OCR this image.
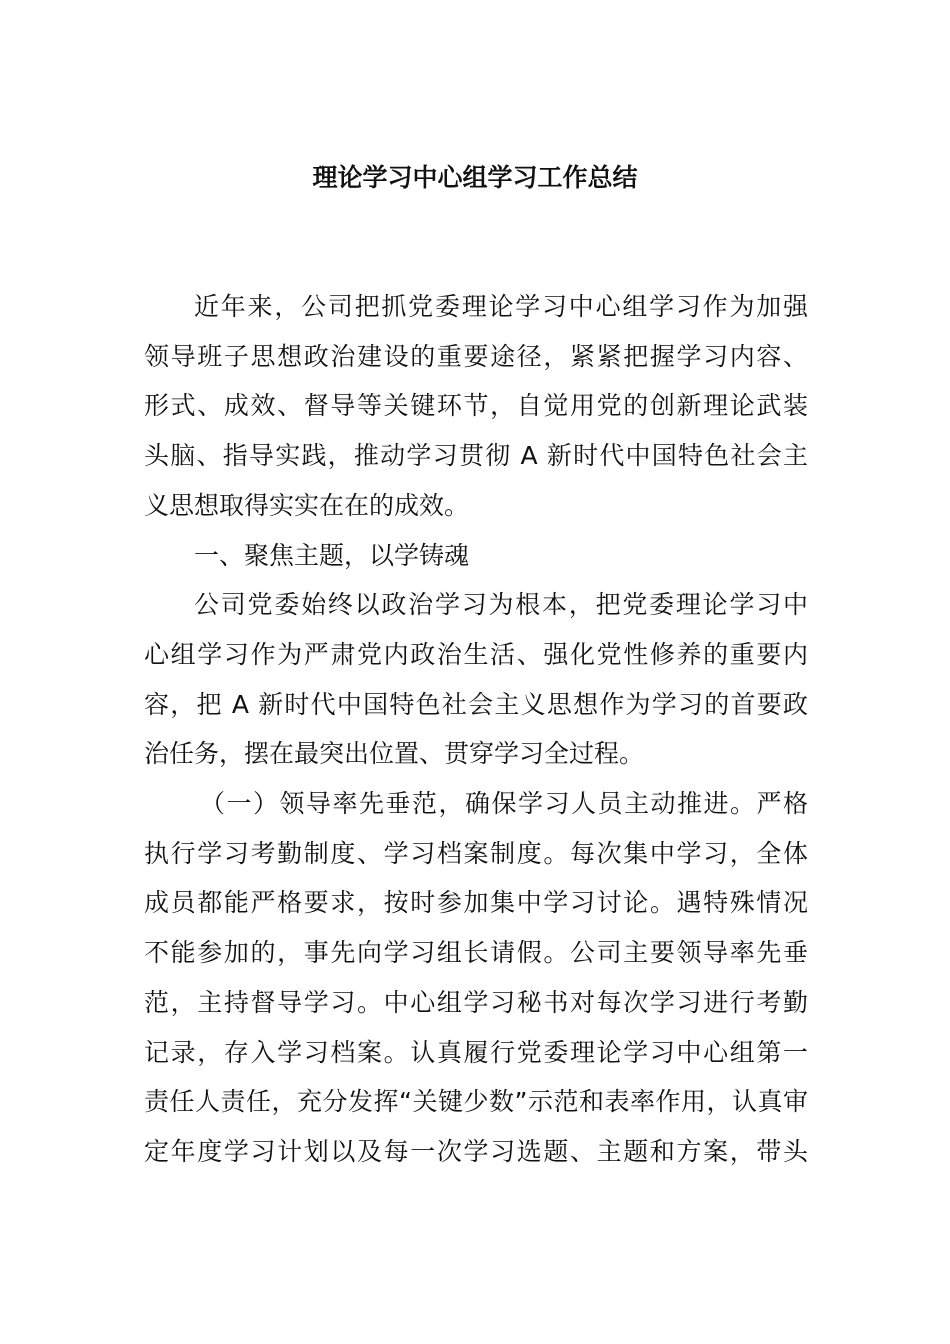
理论学习中心组学习工作总结
近年来，公司把抓党委理论学习中心组学习作为加强
领导班子思想政治建设的重要途径，紧紧把握学习内容、
形式、成效、督导等关键环节，自觉用党的创新理论武装
头脑、指导实践，推动学习贯彻 A 新时代中国特色社会主
义思想取得实实在在的成效。
一、聚焦主题，以学铸魂
公司党委始终以政治学习为根本，把党委理论学习中
心组学习作为严肃党内政治生活、强化党性修养的重要内
容，把 A 新时代中国特色社会主义思想作为学习的首要政
治任务，摆在最突出位置、贯穿学习全过程。
（一）领导率先垂范，确保学习人员主动推进。严格
执行学习考勤制度、学习档案制度。每次集中学习，全体
成员都能严格要求，按时参加集中学习讨论。遇特殊情况
不能参加的，事先向学习组长请假。公司主要领导率先垂
范，主持督导学习。中心组学习秘书对每次学习进行考勤
记录，存入学习档案。认真履行党委理论学习中心组第一
责任人责任，充分发挥“关键少数”示范和表率作用，认真审
定年度学习计划以及每一次学习选题、主题和方案，带头
